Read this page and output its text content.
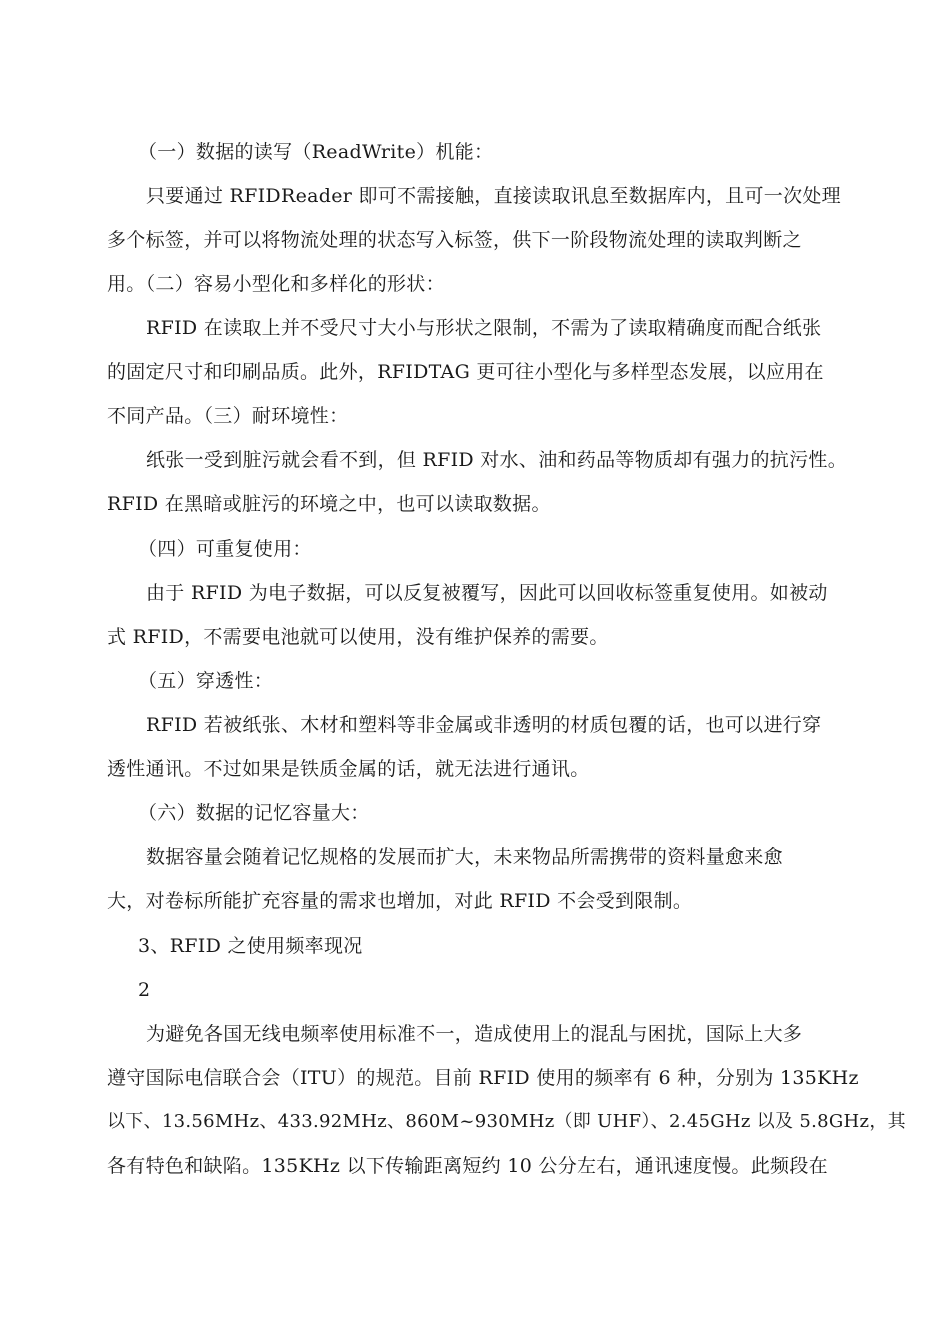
（一）数据的读写（ReadWrite）机能：
只要通过 RFIDReader 即可不需接触，直接读取讯息至数据库内，且可一次处理
多个标签，并可以将物流处理的状态写入标签，供下一阶段物流处理的读取判断之
用。（二）容易小型化和多样化的形状：
RFID 在读取上并不受尺寸大小与形状之限制，不需为了读取精确度而配合纸张
的固定尺寸和印刷品质。此外，RFIDTAG 更可往小型化与多样型态发展，以应用在
不同产品。（三）耐环境性：
纸张一受到脏污就会看不到，但 RFID 对水、油和药品等物质却有强力的抗污性。
RFID 在黑暗或脏污的环境之中，也可以读取数据。
（四）可重复使用：
由于 RFID 为电子数据，可以反复被覆写，因此可以回收标签重复使用。如被动
式 RFID，不需要电池就可以使用，没有维护保养的需要。
（五）穿透性：
RFID 若被纸张、木材和塑料等非金属或非透明的材质包覆的话，也可以进行穿
透性通讯。不过如果是铁质金属的话，就无法进行通讯。
（六）数据的记忆容量大：
数据容量会随着记忆规格的发展而扩大，未来物品所需携带的资料量愈来愈
大，对卷标所能扩充容量的需求也增加，对此 RFID 不会受到限制。
3、RFID 之使用频率现况
2
为避免各国无线电频率使用标准不一，造成使用上的混乱与困扰，国际上大多
遵守国际电信联合会（ITU）的规范。目前 RFID 使用的频率有 6 种，分别为 135KHz
以下、13.56MHz、433.92MHz、860M~930MHz（即 UHF）、2.45GHz 以及 5.8GHz，其
各有特色和缺陷。135KHz 以下传输距离短约 10 公分左右，通讯速度慢。此频段在
